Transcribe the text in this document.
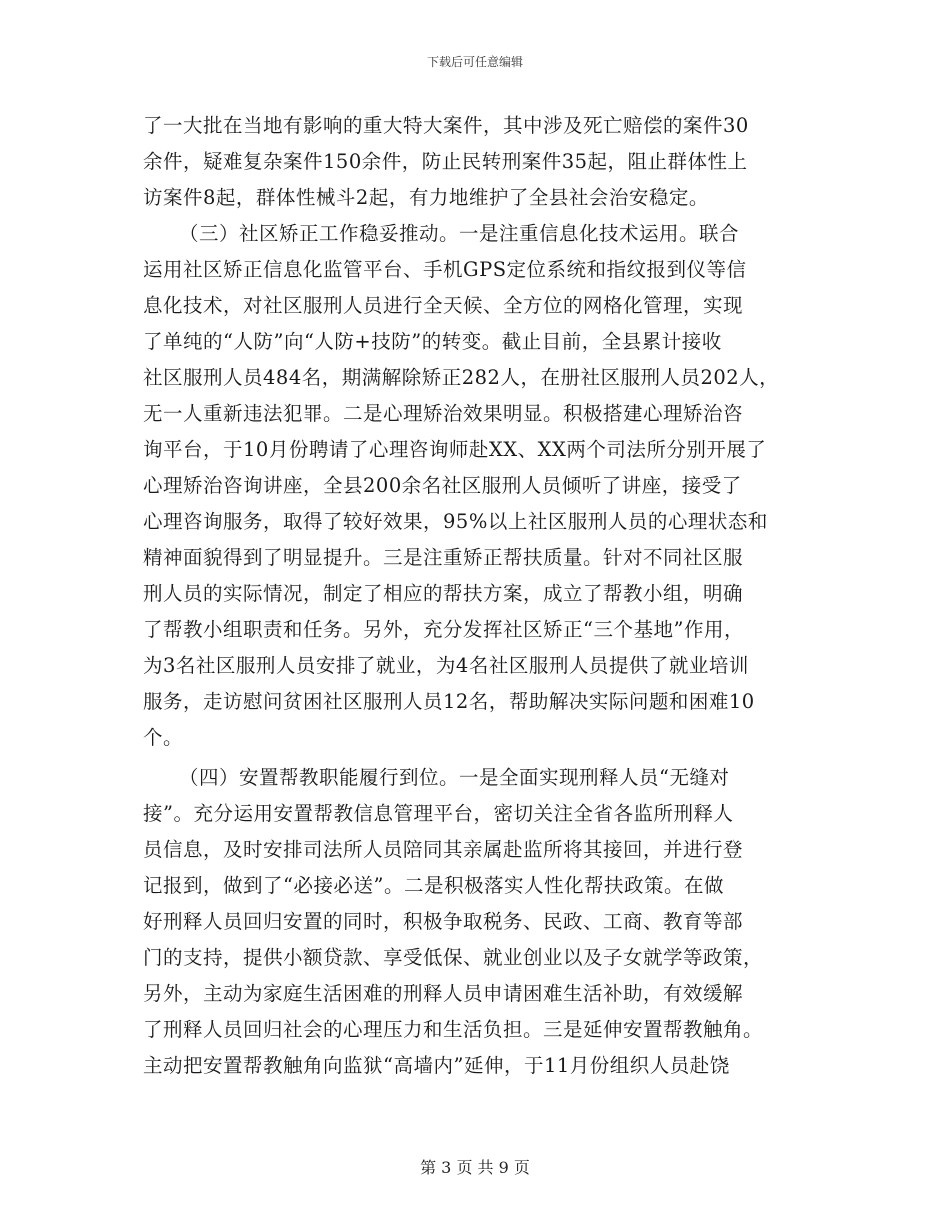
下载后可任意编辑
了一大批在当地有影响的重大特大案件，其中涉及死亡赔偿的案件30
余件，疑难复杂案件150余件，防止民转刑案件35起，阻止群体性上
访案件8起，群体性械斗2起，有力地维护了全县社会治安稳定。
（三）社区矫正工作稳妥推动。一是注重信息化技术运用。联合
运用社区矫正信息化监管平台、手机GPS定位系统和指纹报到仪等信
息化技术，对社区服刑人员进行全天候、全方位的网格化管理，实现
了单纯的“人防”向“人防+技防”的转变。截止目前，全县累计接收
社区服刑人员484名，期满解除矫正282人，在册社区服刑人员202人，
无一人重新违法犯罪。二是心理矫治效果明显。积极搭建心理矫治咨
询平台，于10月份聘请了心理咨询师赴XX、XX两个司法所分别开展了
心理矫治咨询讲座，全县200余名社区服刑人员倾听了讲座，接受了
心理咨询服务，取得了较好效果，95%以上社区服刑人员的心理状态和
精神面貌得到了明显提升。三是注重矫正帮扶质量。针对不同社区服
刑人员的实际情况，制定了相应的帮扶方案，成立了帮教小组，明确
了帮教小组职责和任务。另外，充分发挥社区矫正“三个基地”作用，
为3名社区服刑人员安排了就业，为4名社区服刑人员提供了就业培训
服务，走访慰问贫困社区服刑人员12名，帮助解决实际问题和困难10
个。
（四）安置帮教职能履行到位。一是全面实现刑释人员“无缝对
接”。充分运用安置帮教信息管理平台，密切关注全省各监所刑释人
员信息，及时安排司法所人员陪同其亲属赴监所将其接回，并进行登
记报到，做到了“必接必送”。二是积极落实人性化帮扶政策。在做
好刑释人员回归安置的同时，积极争取税务、民政、工商、教育等部
门的支持，提供小额贷款、享受低保、就业创业以及子女就学等政策，
另外，主动为家庭生活困难的刑释人员申请困难生活补助，有效缓解
了刑释人员回归社会的心理压力和生活负担。三是延伸安置帮教触角。
主动把安置帮教触角向监狱“高墙内”延伸，于11月份组织人员赴饶
第 3 页 共 9 页
